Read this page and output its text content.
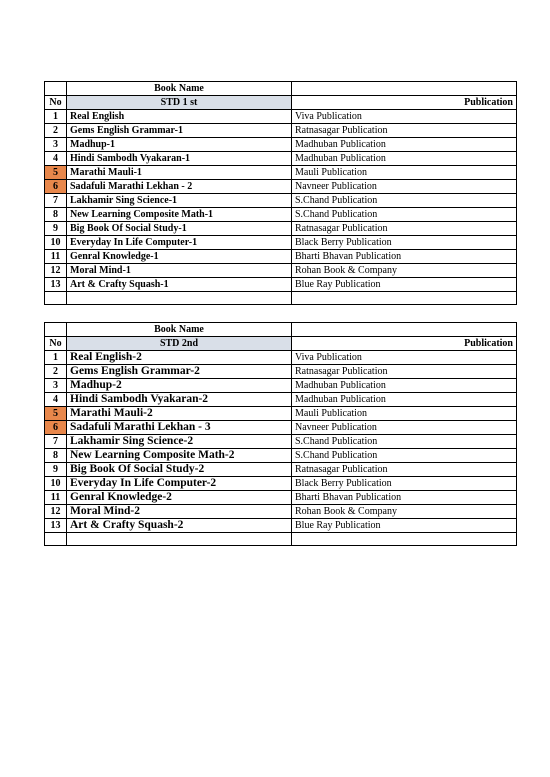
	Book Name	
No	STD 1 st	Publication
1	Real English	Viva Publication
2	Gems English Grammar-1	Ratnasagar Publication
3	Madhup-1	Madhuban Publication
4	Hindi Sambodh Vyakaran-1	Madhuban Publication
5	Marathi Mauli-1	Mauli Publication
6	Sadafuli Marathi Lekhan - 2	Navneer Publication
7	Lakhamir Sing Science-1	S.Chand Publication
8	New Learning Composite Math-1	S.Chand Publication
9	Big Book Of Social Study-1	Ratnasagar Publication
10	Everyday In Life Computer-1	Black Berry Publication
11	Genral Knowledge-1	Bharti Bhavan Publication
12	Moral Mind-1	Rohan Book & Company
13	Art & Crafty Squash-1	Blue Ray Publication

	Book Name	
No	STD 2nd	Publication
1	Real English-2	Viva Publication
2	Gems English Grammar-2	Ratnasagar Publication
3	Madhup-2	Madhuban Publication
4	Hindi Sambodh Vyakaran-2	Madhuban Publication
5	Marathi Mauli-2	Mauli Publication
6	Sadafuli Marathi Lekhan - 3	Navneer Publication
7	Lakhamir Sing Science-2	S.Chand Publication
8	New Learning Composite Math-2	S.Chand Publication
9	Big Book Of Social Study-2	Ratnasagar Publication
10	Everyday In Life Computer-2	Black Berry Publication
11	Genral Knowledge-2	Bharti Bhavan Publication
12	Moral Mind-2	Rohan Book & Company
13	Art & Crafty Squash-2	Blue Ray Publication
